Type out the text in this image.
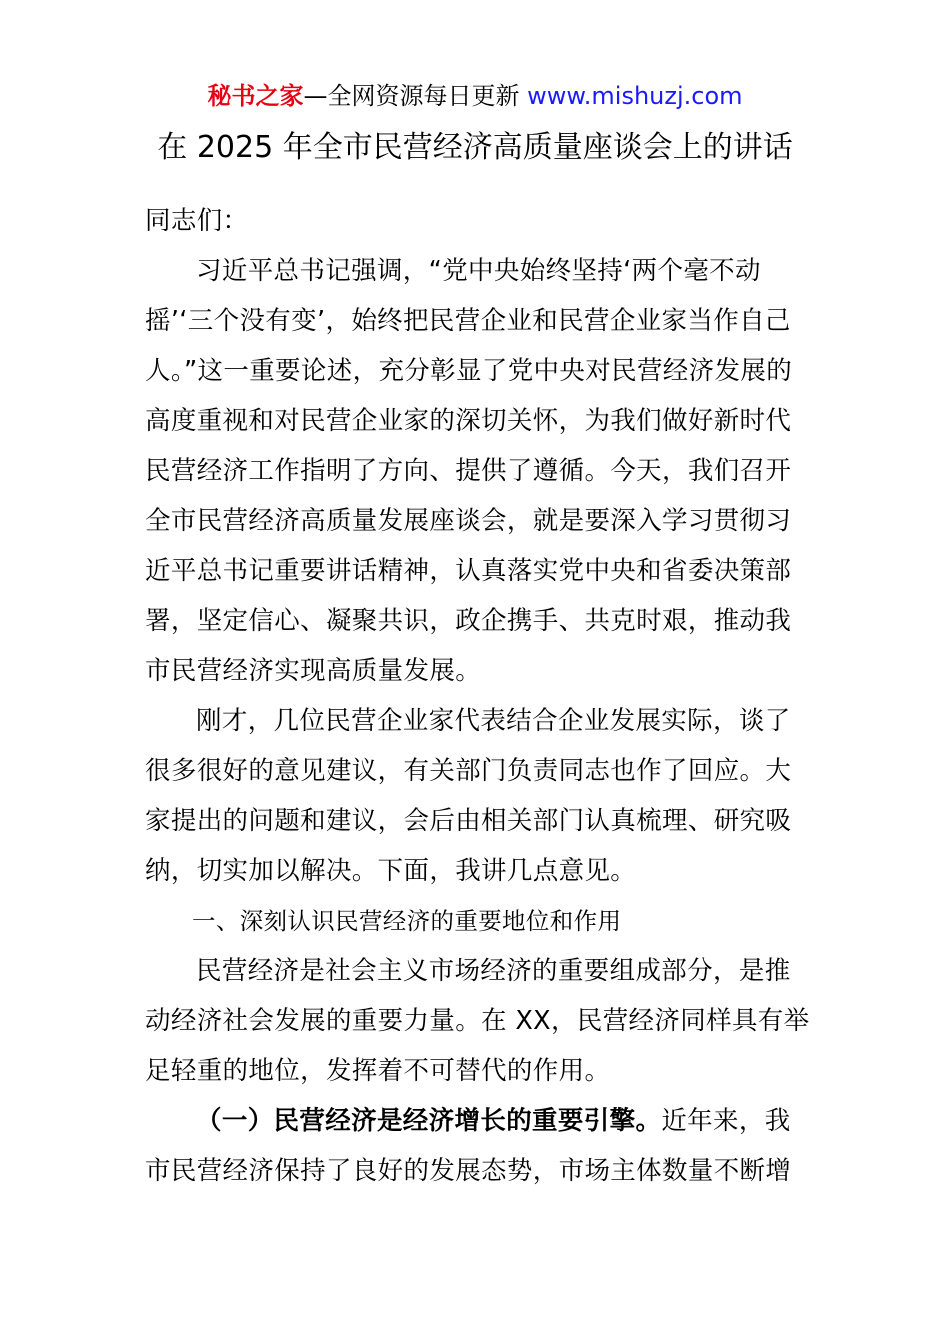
秘书之家—全网资源每日更新 www.mishuzj.com
在 2025 年全市民营经济高质量座谈会上的讲话

同志们：

习近平总书记强调，“党中央始终坚持‘两个毫不动摇’‘三个没有变’，始终把民营企业和民营企业家当作自己人。”这一重要论述，充分彰显了党中央对民营经济发展的高度重视和对民营企业家的深切关怀，为我们做好新时代民营经济工作指明了方向、提供了遵循。今天，我们召开全市民营经济高质量发展座谈会，就是要深入学习贯彻习近平总书记重要讲话精神，认真落实党中央和省委决策部署，坚定信心、凝聚共识，政企携手、共克时艰，推动我市民营经济实现高质量发展。

刚才，几位民营企业家代表结合企业发展实际，谈了很多很好的意见建议，有关部门负责同志也作了回应。大家提出的问题和建议，会后由相关部门认真梳理、研究吸纳，切实加以解决。下面，我讲几点意见。

一、深刻认识民营经济的重要地位和作用

民营经济是社会主义市场经济的重要组成部分，是推动经济社会发展的重要力量。在 XX，民营经济同样具有举足轻重的地位，发挥着不可替代的作用。

（一）民营经济是经济增长的重要引擎。近年来，我市民营经济保持了良好的发展态势，市场主体数量不断增
